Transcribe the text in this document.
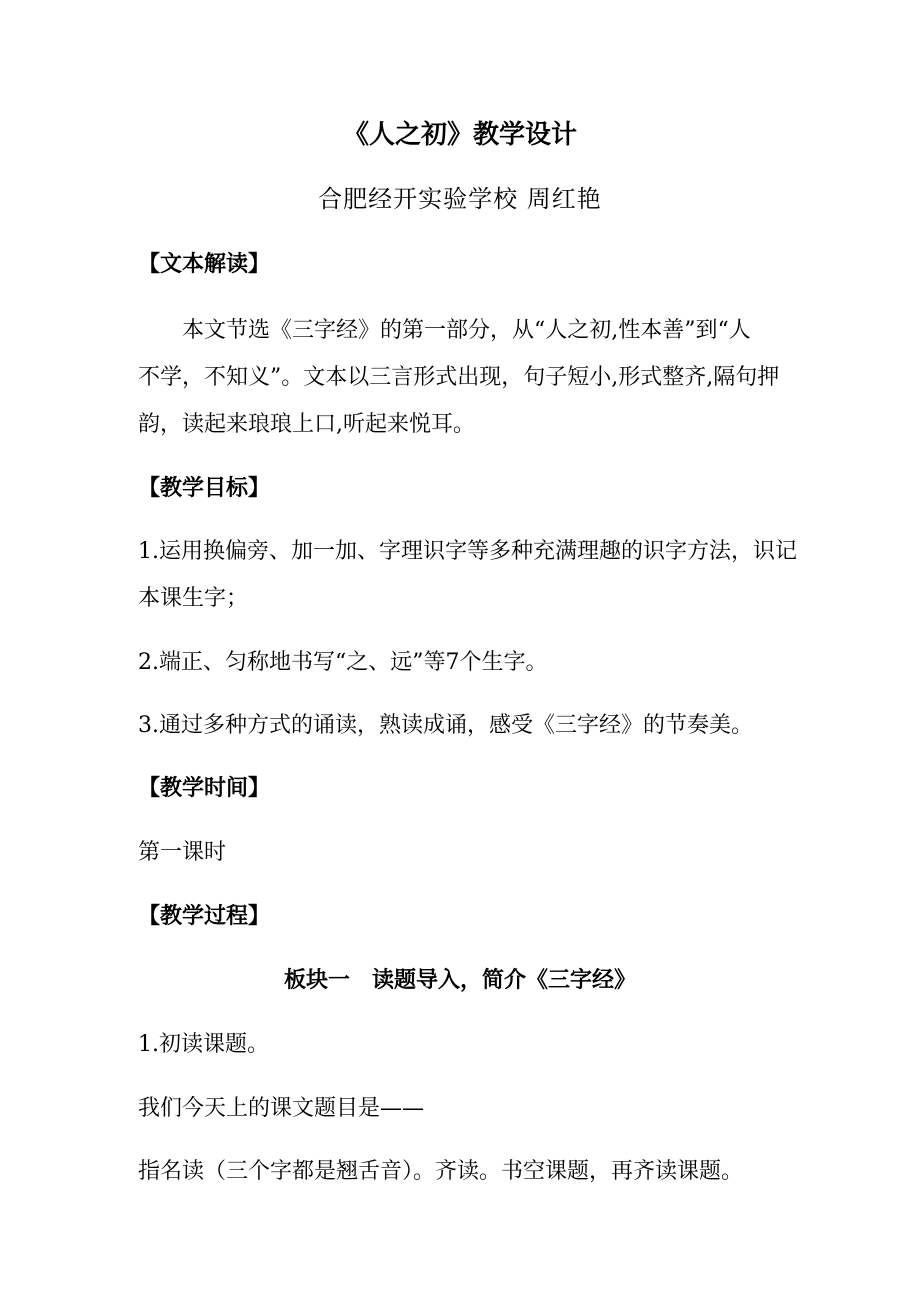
《人之初》教学设计
合肥经开实验学校 周红艳
【文本解读】
本文节选《三字经》的第一部分，从“人之初,性本善”到“人
不学，不知义”。文本以三言形式出现，句子短小,形式整齐,隔句押
韵，读起来琅琅上口,听起来悦耳。
【教学目标】
1.运用换偏旁、加一加、字理识字等多种充满理趣的识字方法，识记
本课生字；
2.端正、匀称地书写“之、远”等7个生字。
3.通过多种方式的诵读，熟读成诵，感受《三字经》的节奏美。
【教学时间】
第一课时
【教学过程】
板块一　读题导入，简介《三字经》
1.初读课题。
我们今天上的课文题目是——
指名读（三个字都是翘舌音）。齐读。书空课题，再齐读课题。
